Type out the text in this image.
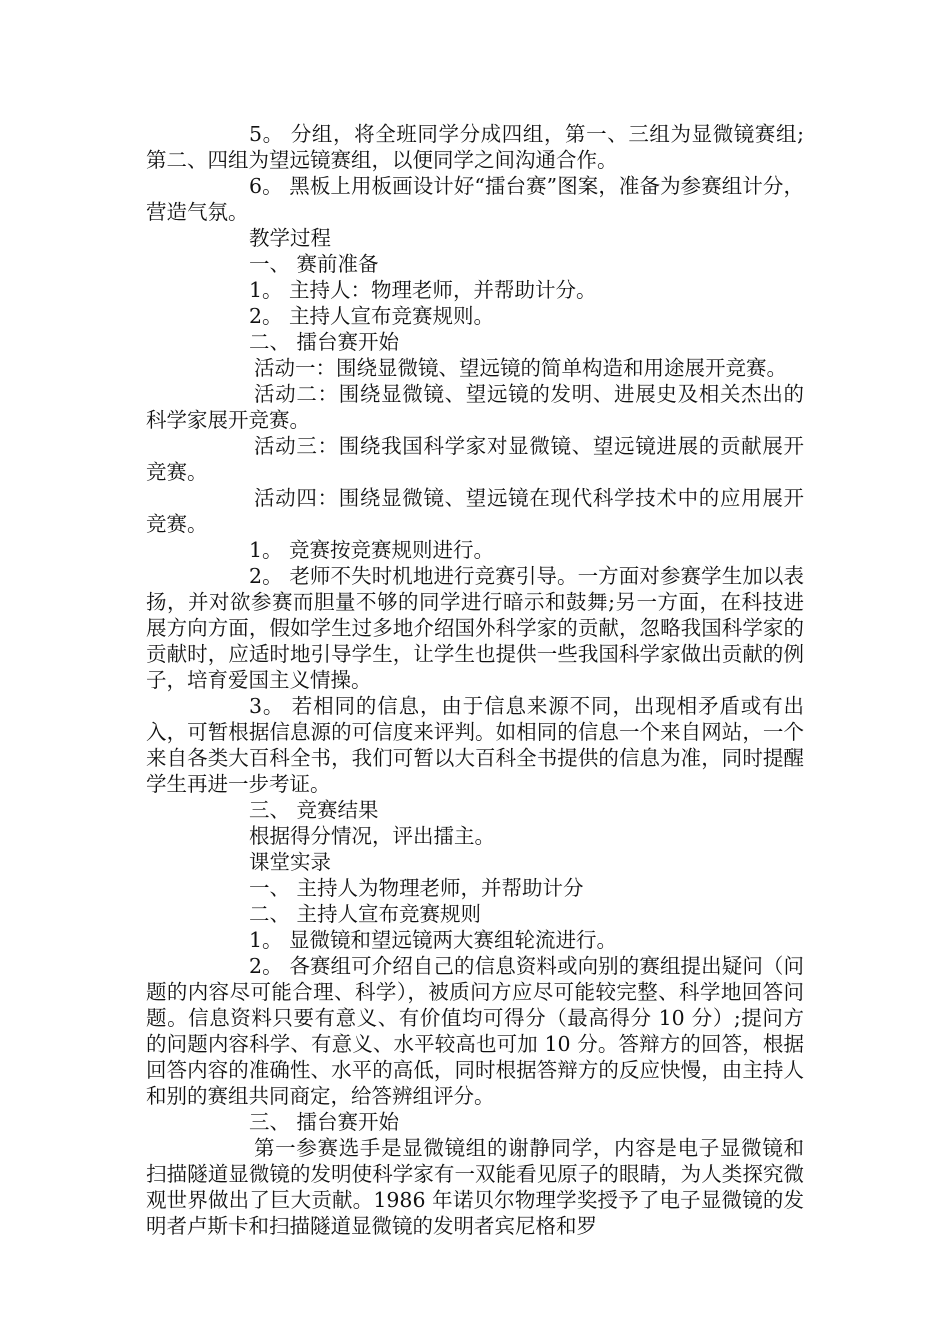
5。 分组，将全班同学分成四组，第一、三组为显微镜赛组;第二、四组为望远镜赛组，以便同学之间沟通合作。

6。 黑板上用板画设计好“擂台赛”图案，准备为参赛组计分，营造气氛。

教学过程

一、 赛前准备

1。 主持人：物理老师，并帮助计分。

2。 主持人宣布竞赛规则。

二、 擂台赛开始

活动一：围绕显微镜、望远镜的简单构造和用途展开竞赛。

活动二：围绕显微镜、望远镜的发明、进展史及相关杰出的科学家展开竞赛。

活动三：围绕我国科学家对显微镜、望远镜进展的贡献展开竞赛。

活动四：围绕显微镜、望远镜在现代科学技术中的应用展开竞赛。

1。 竞赛按竞赛规则进行。

2。 老师不失时机地进行竞赛引导。一方面对参赛学生加以表扬，并对欲参赛而胆量不够的同学进行暗示和鼓舞;另一方面，在科技进展方向方面，假如学生过多地介绍国外科学家的贡献，忽略我国科学家的贡献时，应适时地引导学生，让学生也提供一些我国科学家做出贡献的例子，培育爱国主义情操。

3。 若相同的信息，由于信息来源不同，出现相矛盾或有出入，可暂根据信息源的可信度来评判。如相同的信息一个来自网站，一个来自各类大百科全书，我们可暂以大百科全书提供的信息为准，同时提醒学生再进一步考证。

三、 竞赛结果

根据得分情况，评出擂主。

课堂实录

一、 主持人为物理老师，并帮助计分

二、 主持人宣布竞赛规则

1。 显微镜和望远镜两大赛组轮流进行。

2。 各赛组可介绍自己的信息资料或向别的赛组提出疑问（问题的内容尽可能合理、科学），被质问方应尽可能较完整、科学地回答问题。信息资料只要有意义、有价值均可得分（最高得分 10 分）;提问方的问题内容科学、有意义、水平较高也可加 10 分。答辩方的回答，根据回答内容的准确性、水平的高低，同时根据答辩方的反应快慢，由主持人和别的赛组共同商定，给答辨组评分。

三、 擂台赛开始

第一参赛选手是显微镜组的谢静同学，内容是电子显微镜和扫描隧道显微镜的发明使科学家有一双能看见原子的眼睛，为人类探究微观世界做出了巨大贡献。1986 年诺贝尔物理学奖授予了电子显微镜的发明者卢斯卡和扫描隧道显微镜的发明者宾尼格和罗
